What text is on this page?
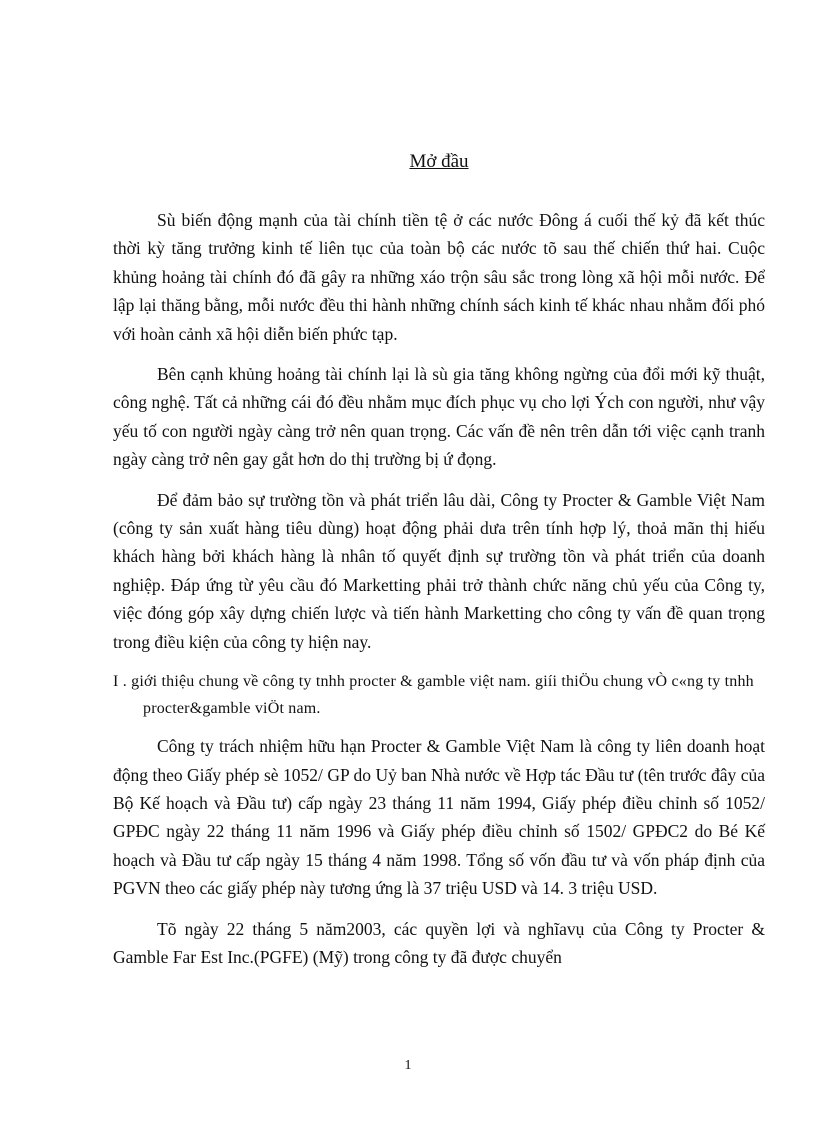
Mở đầu

Sù biến động mạnh của tài chính tiền tệ ở các nước Đông á cuối thế kỷ đã kết thúc thời kỳ tăng trưởng kinh tế liên tục của toàn bộ các nước tõ sau thế chiến thứ hai. Cuộc khủng hoảng tài chính đó đã gây ra những xáo trộn sâu sắc trong lòng xã hội mỗi nước. Để lập lại thăng bằng, mỗi nước đều thi hành những chính sách kinh tế khác nhau nhằm đối phó với hoàn cảnh xã hội diễn biến phức tạp.

Bên cạnh khủng hoảng tài chính lại là sù gia tăng không ngừng của đổi mới kỹ thuật, công nghệ. Tất cả những cái đó đều nhằm mục đích phục vụ cho lợi Ých con người, như vậy yếu tố con người ngày càng trở nên quan trọng. Các vấn đề nên trên dẫn tới việc cạnh tranh ngày càng trở nên gay gắt hơn do thị trường bị ứ đọng.

Để đảm bảo sự trường tồn và phát triển lâu dài, Công ty Procter & Gamble Việt Nam (công ty sản xuất hàng tiêu dùng) hoạt động phải dưa trên tính hợp lý, thoả mãn thị hiếu khách hàng bởi khách hàng là nhân tố quyết định sự trường tồn và phát triển của doanh nghiệp. Đáp ứng từ yêu cầu đó Marketting phải trở thành chức năng chủ yếu của Công ty, việc đóng góp xây dựng chiến lược và tiến hành Marketting cho công ty vấn đề quan trọng trong điều kiện của công ty hiện nay.

I . giới thiệu chung về công ty tnhh procter & gamble việt nam. giíi thiÖu chung vÒ c«ng ty tnhh procter&gamble viÖt nam.

Công ty trách nhiệm hữu hạn Procter & Gamble Việt Nam là công ty liên doanh hoạt động theo Giấy phép sè 1052/ GP do Uỷ ban Nhà nước về Hợp tác Đầu tư (tên trước đây của Bộ Kế hoạch và Đầu tư) cấp ngày 23 tháng 11 năm 1994, Giấy phép điều chỉnh số 1052/ GPĐC ngày 22 tháng 11 năm 1996 và Giấy phép điều chỉnh số 1502/ GPĐC2 do Bé Kế hoạch và Đầu tư cấp ngày 15 tháng 4 năm 1998. Tổng số vốn đầu tư và vốn pháp định của PGVN theo các giấy phép này tương ứng là 37 triệu USD và 14. 3 triệu USD.

Tõ ngày 22 tháng 5 năm2003, các quyền lợi và nghĩavụ của Công ty Procter & Gamble Far Est Inc.(PGFE) (Mỹ) trong công ty đã được chuyển

1
